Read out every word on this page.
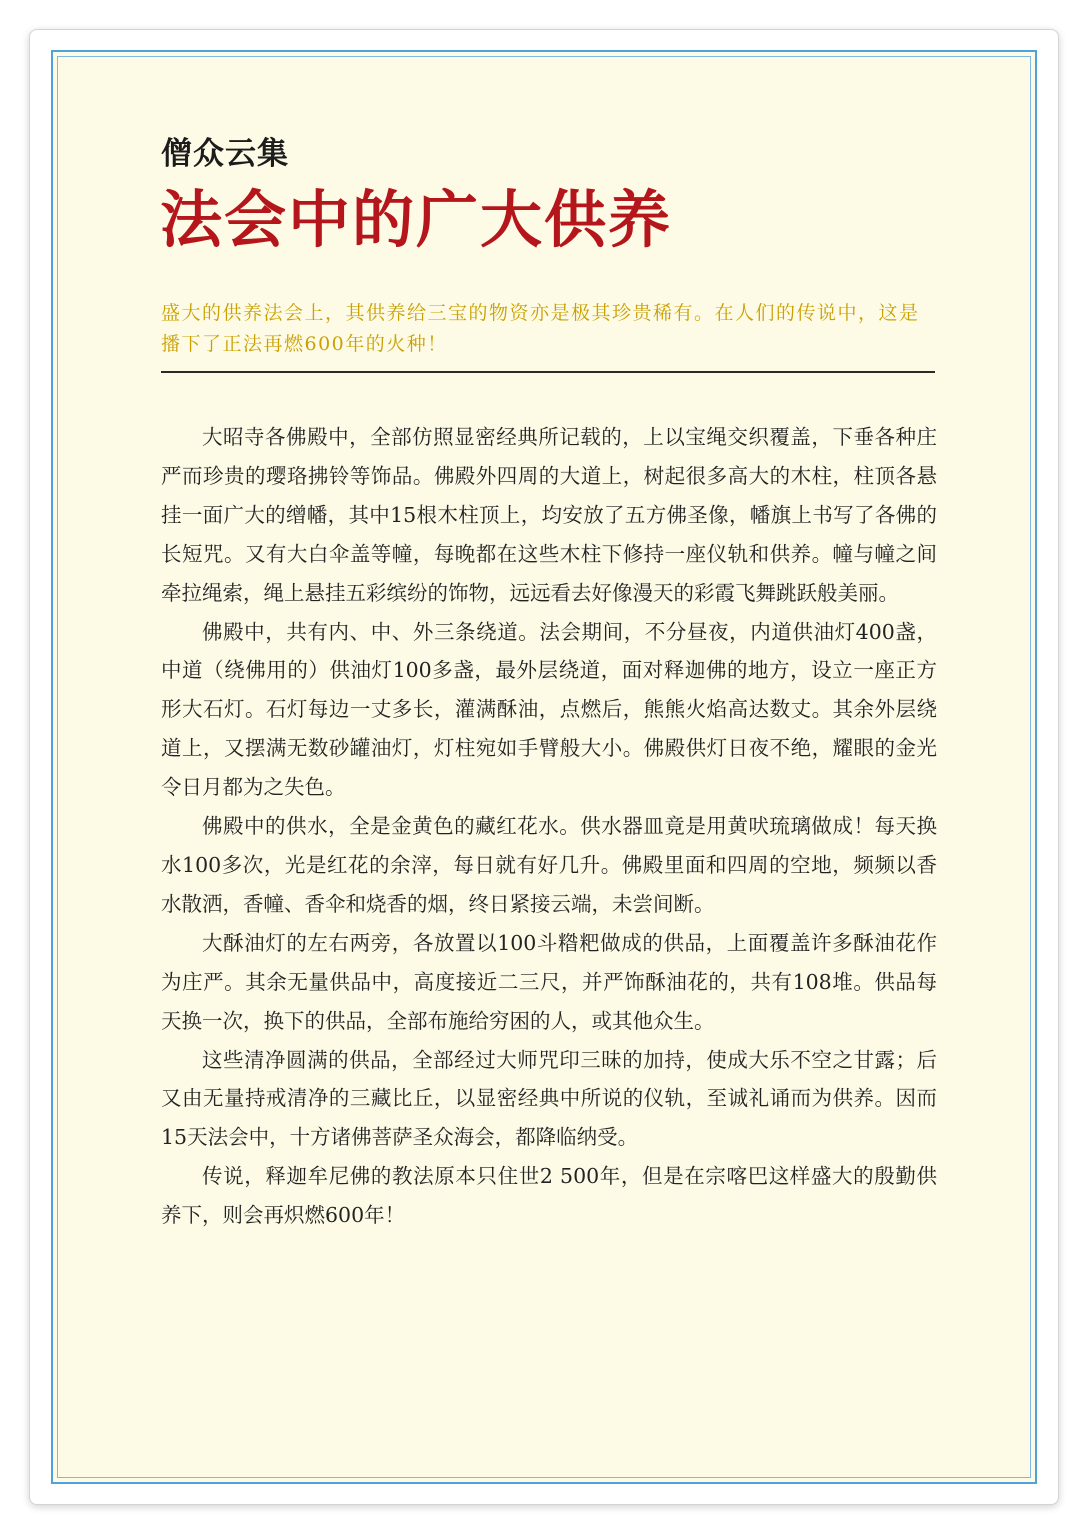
僧众云集
法会中的广大供养

盛大的供养法会上，其供养给三宝的物资亦是极其珍贵稀有。在人们的传说中，这是播下了正法再燃600年的火种！

大昭寺各佛殿中，全部仿照显密经典所记载的，上以宝绳交织覆盖，下垂各种庄严而珍贵的璎珞拂铃等饰品。佛殿外四周的大道上，树起很多高大的木柱，柱顶各悬挂一面广大的缯幡，其中15根木柱顶上，均安放了五方佛圣像，幡旗上书写了各佛的长短咒。又有大白伞盖等幢，每晚都在这些木柱下修持一座仪轨和供养。幢与幢之间牵拉绳索，绳上悬挂五彩缤纷的饰物，远远看去好像漫天的彩霞飞舞跳跃般美丽。

佛殿中，共有内、中、外三条绕道。法会期间，不分昼夜，内道供油灯400盏，中道（绕佛用的）供油灯100多盏，最外层绕道，面对释迦佛的地方，设立一座正方形大石灯。石灯每边一丈多长，灌满酥油，点燃后，熊熊火焰高达数丈。其余外层绕道上，又摆满无数砂罐油灯，灯柱宛如手臂般大小。佛殿供灯日夜不绝，耀眼的金光令日月都为之失色。

佛殿中的供水，全是金黄色的藏红花水。供水器皿竟是用黄吠琉璃做成！每天换水100多次，光是红花的余滓，每日就有好几升。佛殿里面和四周的空地，频频以香水散洒，香幢、香伞和烧香的烟，终日紧接云端，未尝间断。

大酥油灯的左右两旁，各放置以100斗糌粑做成的供品，上面覆盖许多酥油花作为庄严。其余无量供品中，高度接近二三尺，并严饰酥油花的，共有108堆。供品每天换一次，换下的供品，全部布施给穷困的人，或其他众生。

这些清净圆满的供品，全部经过大师咒印三昧的加持，使成大乐不空之甘露；后又由无量持戒清净的三藏比丘，以显密经典中所说的仪轨，至诚礼诵而为供养。因而15天法会中，十方诸佛菩萨圣众海会，都降临纳受。

传说，释迦牟尼佛的教法原本只住世2 500年，但是在宗喀巴这样盛大的殷勤供养下，则会再炽燃600年！
